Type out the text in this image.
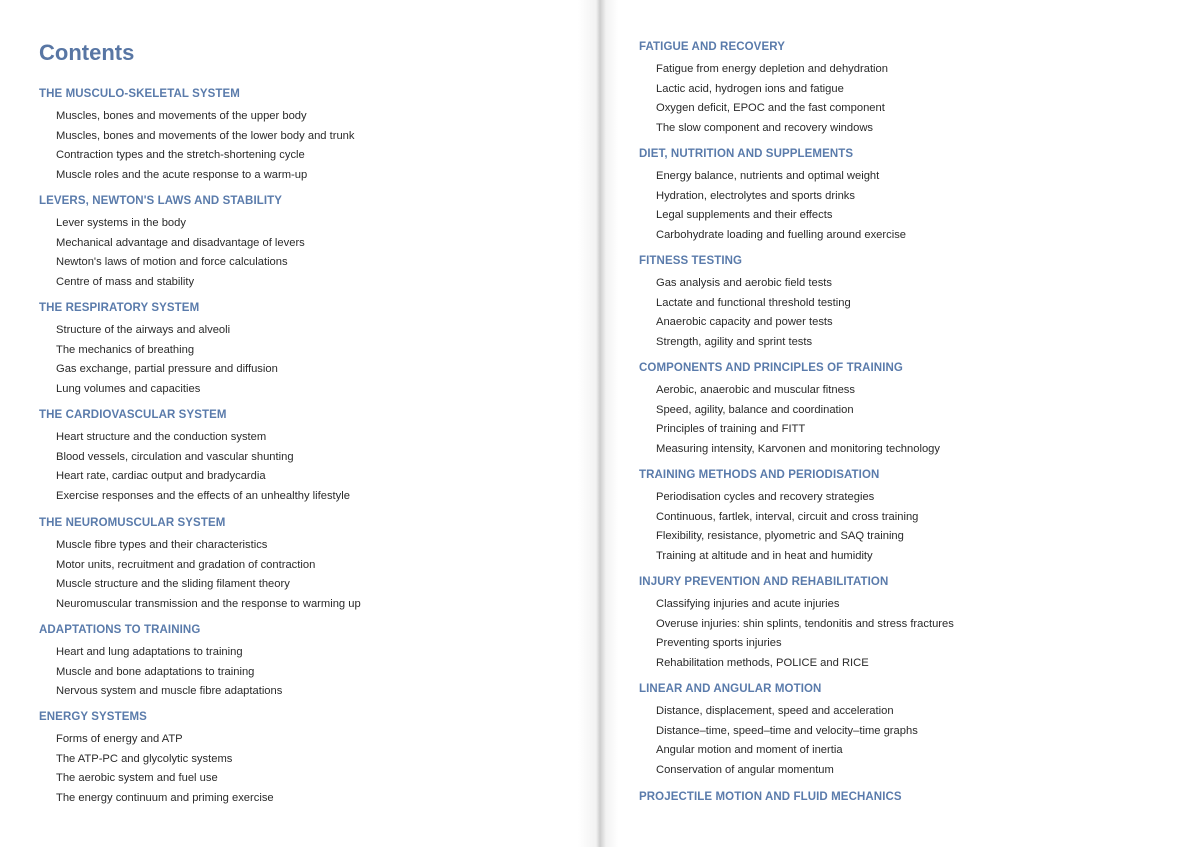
Contents
THE MUSCULO-SKELETAL SYSTEM
Muscles, bones and movements of the upper body
Muscles, bones and movements of the lower body and trunk
Contraction types and the stretch-shortening cycle
Muscle roles and the acute response to a warm-up
LEVERS, NEWTON'S LAWS AND STABILITY
Lever systems in the body
Mechanical advantage and disadvantage of levers
Newton's laws of motion and force calculations
Centre of mass and stability
THE RESPIRATORY SYSTEM
Structure of the airways and alveoli
The mechanics of breathing
Gas exchange, partial pressure and diffusion
Lung volumes and capacities
THE CARDIOVASCULAR SYSTEM
Heart structure and the conduction system
Blood vessels, circulation and vascular shunting
Heart rate, cardiac output and bradycardia
Exercise responses and the effects of an unhealthy lifestyle
THE NEUROMUSCULAR SYSTEM
Muscle fibre types and their characteristics
Motor units, recruitment and gradation of contraction
Muscle structure and the sliding filament theory
Neuromuscular transmission and the response to warming up
ADAPTATIONS TO TRAINING
Heart and lung adaptations to training
Muscle and bone adaptations to training
Nervous system and muscle fibre adaptations
ENERGY SYSTEMS
Forms of energy and ATP
The ATP-PC and glycolytic systems
The aerobic system and fuel use
The energy continuum and priming exercise
FATIGUE AND RECOVERY
Fatigue from energy depletion and dehydration
Lactic acid, hydrogen ions and fatigue
Oxygen deficit, EPOC and the fast component
The slow component and recovery windows
DIET, NUTRITION AND SUPPLEMENTS
Energy balance, nutrients and optimal weight
Hydration, electrolytes and sports drinks
Legal supplements and their effects
Carbohydrate loading and fuelling around exercise
FITNESS TESTING
Gas analysis and aerobic field tests
Lactate and functional threshold testing
Anaerobic capacity and power tests
Strength, agility and sprint tests
COMPONENTS AND PRINCIPLES OF TRAINING
Aerobic, anaerobic and muscular fitness
Speed, agility, balance and coordination
Principles of training and FITT
Measuring intensity, Karvonen and monitoring technology
TRAINING METHODS AND PERIODISATION
Periodisation cycles and recovery strategies
Continuous, fartlek, interval, circuit and cross training
Flexibility, resistance, plyometric and SAQ training
Training at altitude and in heat and humidity
INJURY PREVENTION AND REHABILITATION
Classifying injuries and acute injuries
Overuse injuries: shin splints, tendonitis and stress fractures
Preventing sports injuries
Rehabilitation methods, POLICE and RICE
LINEAR AND ANGULAR MOTION
Distance, displacement, speed and acceleration
Distance–time, speed–time and velocity–time graphs
Angular motion and moment of inertia
Conservation of angular momentum
PROJECTILE MOTION AND FLUID MECHANICS
